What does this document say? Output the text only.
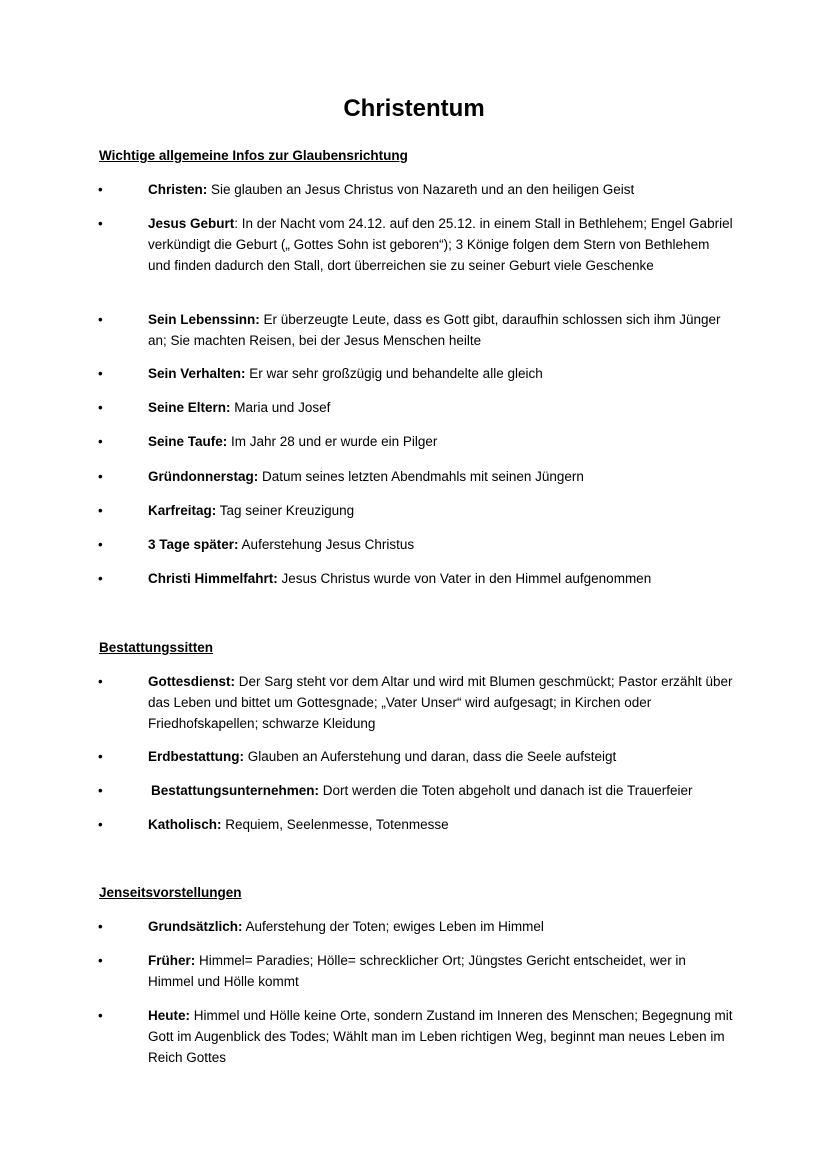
Christentum
Wichtige allgemeine Infos zur Glaubensrichtung
•	Christen: Sie glauben an Jesus Christus von Nazareth und an den heiligen Geist
•	Jesus Geburt: In der Nacht vom 24.12. auf den 25.12. in einem Stall in Bethlehem; Engel Gabriel verkündigt die Geburt („ Gottes Sohn ist geboren“); 3 Könige folgen dem Stern von Bethlehem und finden dadurch den Stall, dort überreichen sie zu seiner Geburt viele Geschenke
•	Sein Lebenssinn: Er überzeugte Leute, dass es Gott gibt, daraufhin schlossen sich ihm Jünger an; Sie machten Reisen, bei der Jesus Menschen heilte
•	Sein Verhalten: Er war sehr großzügig und behandelte alle gleich
•	Seine Eltern: Maria und Josef
•	Seine Taufe: Im Jahr 28 und er wurde ein Pilger
•	Gründonnerstag: Datum seines letzten Abendmahls mit seinen Jüngern
•	Karfreitag: Tag seiner Kreuzigung
•	3 Tage später: Auferstehung Jesus Christus
•	Christi Himmelfahrt: Jesus Christus wurde von Vater in den Himmel aufgenommen
Bestattungssitten
•	Gottesdienst: Der Sarg steht vor dem Altar und wird mit Blumen geschmückt; Pastor erzählt über das Leben und bittet um Gottesgnade; „Vater Unser“ wird aufgesagt; in Kirchen oder Friedhofskapellen; schwarze Kleidung
•	Erdbestattung: Glauben an Auferstehung und daran, dass die Seele aufsteigt
•	Bestattungsunternehmen: Dort werden die Toten abgeholt und danach ist die Trauerfeier
•	Katholisch: Requiem, Seelenmesse, Totenmesse
Jenseitsvorstellungen
•	Grundsätzlich: Auferstehung der Toten; ewiges Leben im Himmel
•	Früher: Himmel= Paradies; Hölle= schrecklicher Ort; Jüngstes Gericht entscheidet, wer in Himmel und Hölle kommt
•	Heute: Himmel und Hölle keine Orte, sondern Zustand im Inneren des Menschen; Begegnung mit Gott im Augenblick des Todes; Wählt man im Leben richtigen Weg, beginnt man neues Leben im Reich Gottes
